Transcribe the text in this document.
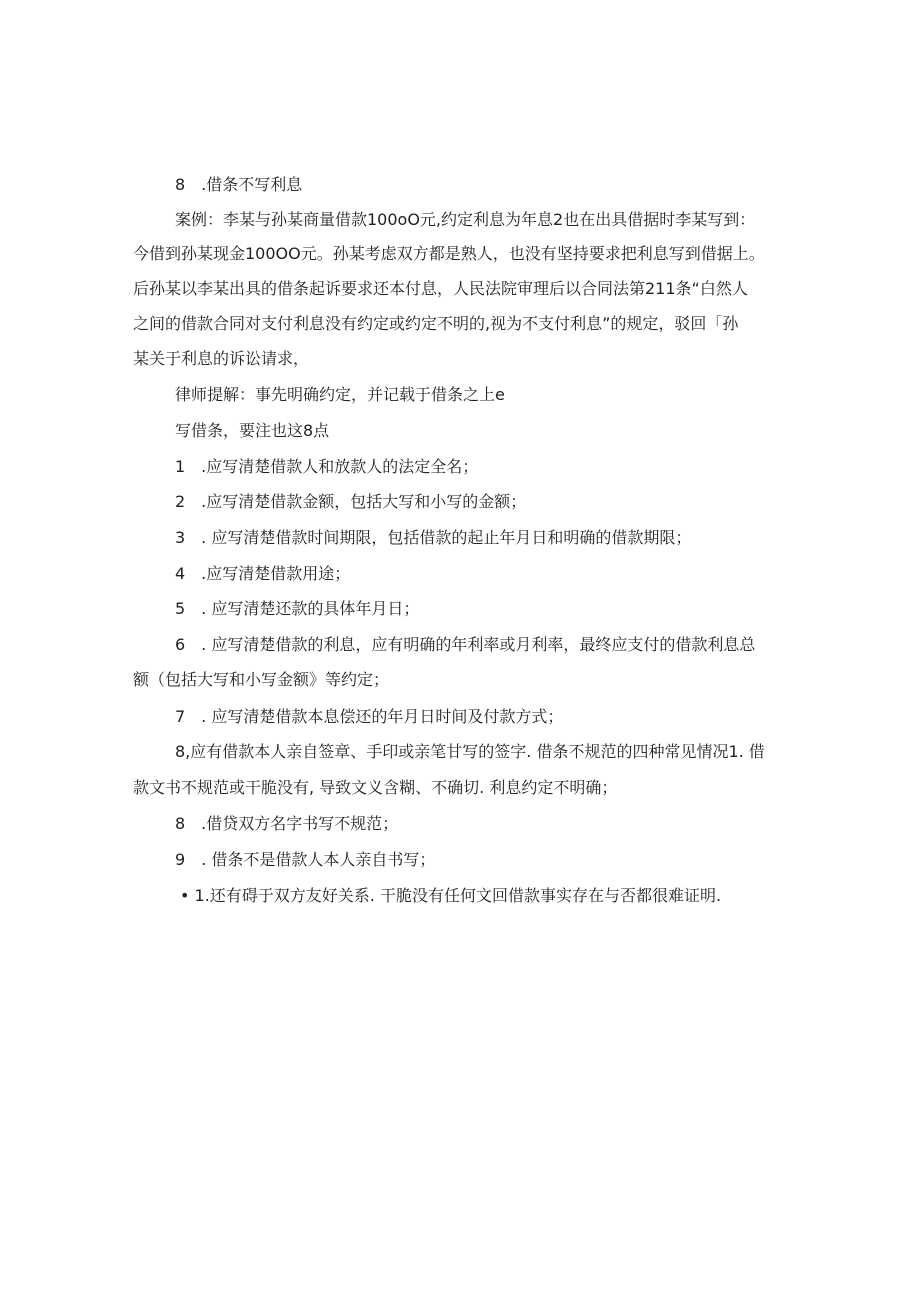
8　.借条不写利息
案例：李某与孙某商量借款100oO元,约定利息为年息2也在出具借据时李某写到：
今借到孙某现金100OO元。孙某考虑双方都是熟人，也没有坚持要求把利息写到借据上。
后孙某以李某出具的借条起诉要求还本付息，人民法院审理后以合同法第211条“白然人
之间的借款合同对支付利息没有约定或约定不明的,视为不支付利息”的规定，驳回「孙
某关于利息的诉讼请求，
律师提解：事先明确约定，并记载于借条之上e
写借条，要注也这8点
1　.应写清楚借款人和放款人的法定全名；
2　.应写清楚借款金额，包括大写和小写的金额；
3　. 应写清楚借款时间期限，包括借款的起止年月日和明确的借款期限；
4　.应写清楚借款用途；
5　. 应写清楚还款的具体年月日；
6　. 应写清楚借款的利息，应有明确的年利率或月利率，最终应支付的借款利息总
额（包括大写和小写金额》等约定；
7　. 应写清楚借款本息偿还的年月日时间及付款方式；
8,应有借款本人亲自签章、手印或亲笔甘写的签字. 借条不规范的四种常见情况1. 借
款文书不规范或干脆没有, 导致文义含糊、不确切. 利息约定不明确；
8　.借贷双方名字书写不规范；
9　. 借条不是借款人本人亲自书写；
• 1.还有碍于双方友好关系. 干脆没有任何文回借款事实存在与否都很难证明.
